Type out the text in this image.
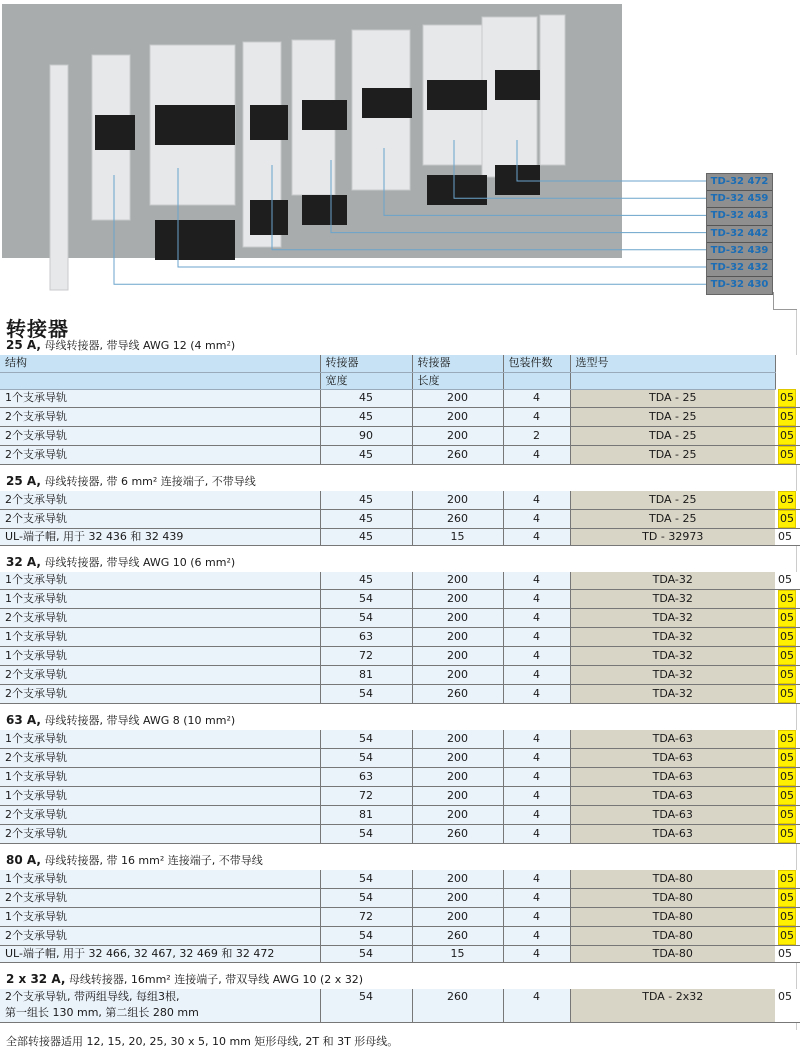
TD-32 472
TD-32 459
TD-32 443
TD-32 442
TD-32 439
TD-32 432
TD-32 430
转接器
25 A, 母线转接器, 带导线 AWG 12 (4 mm²)
结构	转接器	转接器	包装件数	选型号	
	宽度	长度			

1个支承导轨	45	200	4	TDA - 25	05

2个支承导轨	45	200	4	TDA - 25	05

2个支承导轨	90	200	2	TDA - 25	05

2个支承导轨	45	260	4	TDA - 25	05
25 A, 母线转接器, 带 6 mm² 连接端子, 不带导线
2个支承导轨	45	200	4	TDA - 25	05

2个支承导轨	45	260	4	TDA - 25	05

UL-端子帽, 用于 32 436 和 32 439	45	15	4	TD - 32973	05
32 A, 母线转接器, 带导线 AWG 10 (6 mm²)
1个支承导轨	45	200	4	TDA-32	05

1个支承导轨	54	200	4	TDA-32	05

2个支承导轨	54	200	4	TDA-32	05

1个支承导轨	63	200	4	TDA-32	05

1个支承导轨	72	200	4	TDA-32	05

2个支承导轨	81	200	4	TDA-32	05

2个支承导轨	54	260	4	TDA-32	05
63 A, 母线转接器, 带导线 AWG 8 (10 mm²)
1个支承导轨	54	200	4	TDA-63	05

2个支承导轨	54	200	4	TDA-63	05

1个支承导轨	63	200	4	TDA-63	05

1个支承导轨	72	200	4	TDA-63	05

2个支承导轨	81	200	4	TDA-63	05

2个支承导轨	54	260	4	TDA-63	05
80 A, 母线转接器, 带 16 mm² 连接端子, 不带导线
1个支承导轨	54	200	4	TDA-80	05

2个支承导轨	54	200	4	TDA-80	05

1个支承导轨	72	200	4	TDA-80	05

2个支承导轨	54	260	4	TDA-80	05

UL-端子帽, 用于 32 466, 32 467, 32 469 和 32 472	54	15	4	TDA-80	05
2 x 32 A, 母线转接器, 16mm² 连接端子, 带双导线 AWG 10 (2 x 32)
2个支承导轨, 带两组导线, 每组3根,
第一组长 130 mm, 第二组长 280 mm
	54	260	4	TDA - 2x32	05
全部转接器适用 12, 15, 20, 25, 30 x 5, 10 mm 矩形母线, 2T 和 3T 形母线。
